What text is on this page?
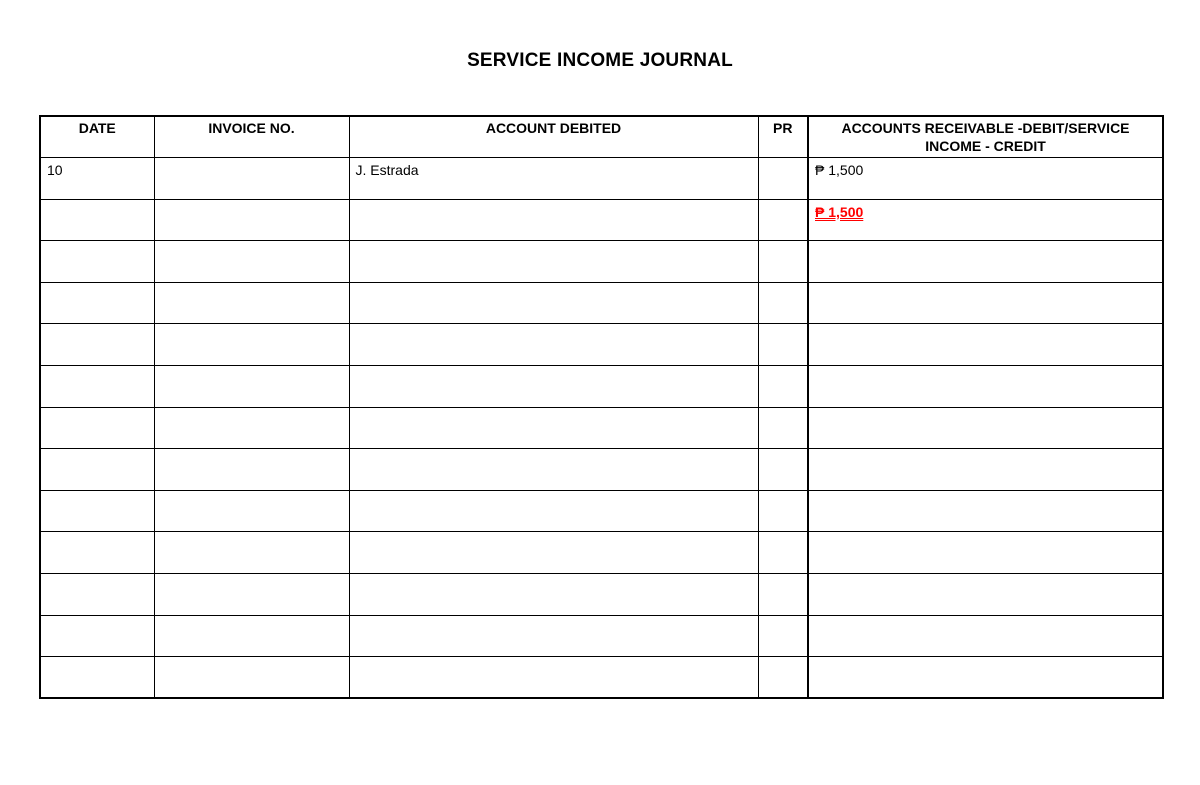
SERVICE INCOME JOURNAL
DATE	INVOICE NO.	ACCOUNT DEBITED	PR	ACCOUNTS RECEIVABLE -DEBIT/SERVICE INCOME - CREDIT
10		J. Estrada		₱ 1,500
				₱ 1,500
